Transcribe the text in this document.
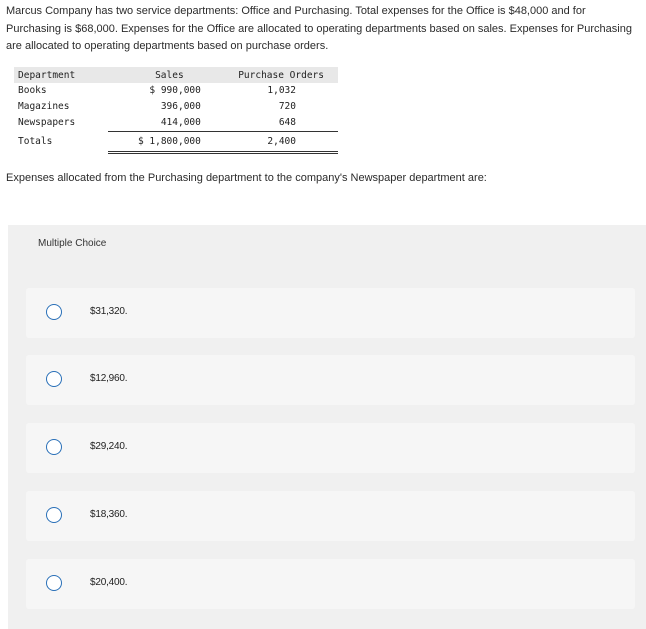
Marcus Company has two service departments: Office and Purchasing. Total expenses for the Office is $48,000 and for Purchasing is $68,000. Expenses for the Office are allocated to operating departments based on sales. Expenses for Purchasing are allocated to operating departments based on purchase orders.

Department	Sales	Purchase Orders
Books	$ 990,000	1,032
Magazines	396,000	720
Newspapers	414,000	648
Totals	$ 1,800,000	2,400

Expenses allocated from the Purchasing department to the company's Newspaper department are:

Multiple Choice
$31,320.
$12,960.
$29,240.
$18,360.
$20,400.
